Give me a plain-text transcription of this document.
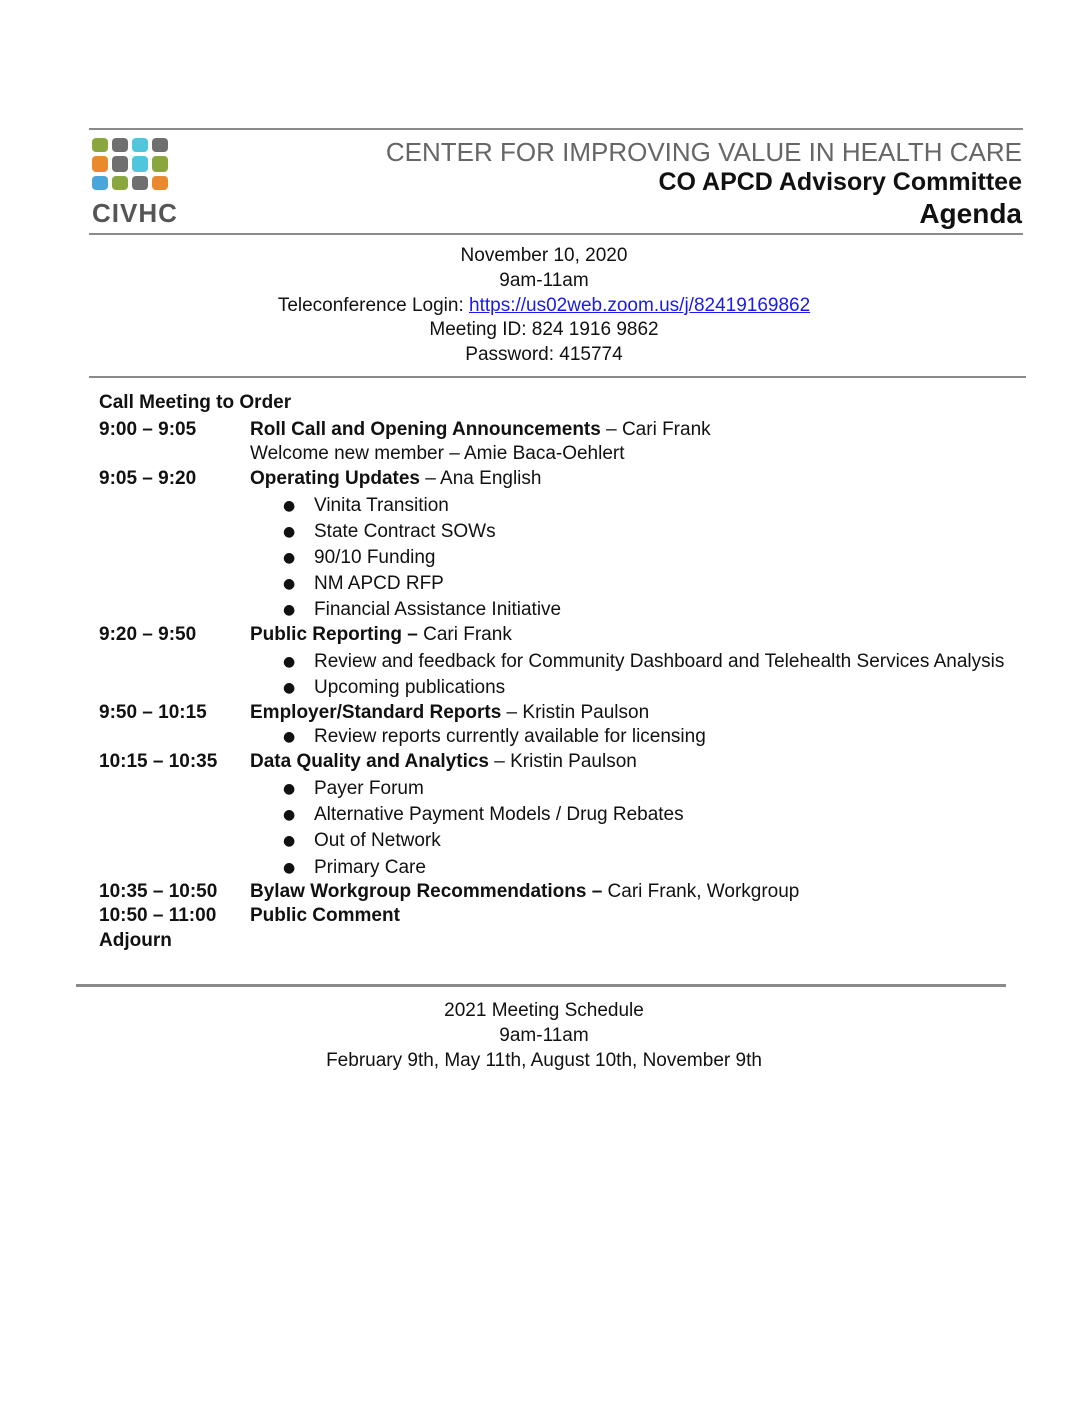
CIVHC
CENTER FOR IMPROVING VALUE IN HEALTH CARE
CO APCD Advisory Committee
Agenda
November 10, 2020
9am-11am
Teleconference Login: https://us02web.zoom.us/j/82419169862
Meeting ID: 824 1916 9862
Password: 415774
Call Meeting to Order
9:00 – 9:05	Roll Call and Opening Announcements – Cari Frank
Welcome new member – Amie Baca-Oehlert
9:05 – 9:20	Operating Updates – Ana English
● Vinita Transition
● State Contract SOWs
● 90/10 Funding
● NM APCD RFP
● Financial Assistance Initiative
9:20 – 9:50	Public Reporting – Cari Frank
● Review and feedback for Community Dashboard and Telehealth Services Analysis
● Upcoming publications
9:50 – 10:15 Employer/Standard Reports – Kristin Paulson
● Review reports currently available for licensing
10:15 – 10:35 Data Quality and Analytics – Kristin Paulson
● Payer Forum
● Alternative Payment Models / Drug Rebates
● Out of Network
● Primary Care
10:35 – 10:50 Bylaw Workgroup Recommendations – Cari Frank, Workgroup
10:50 – 11:00 Public Comment
Adjourn
2021 Meeting Schedule
9am-11am
February 9th, May 11th, August 10th, November 9th
